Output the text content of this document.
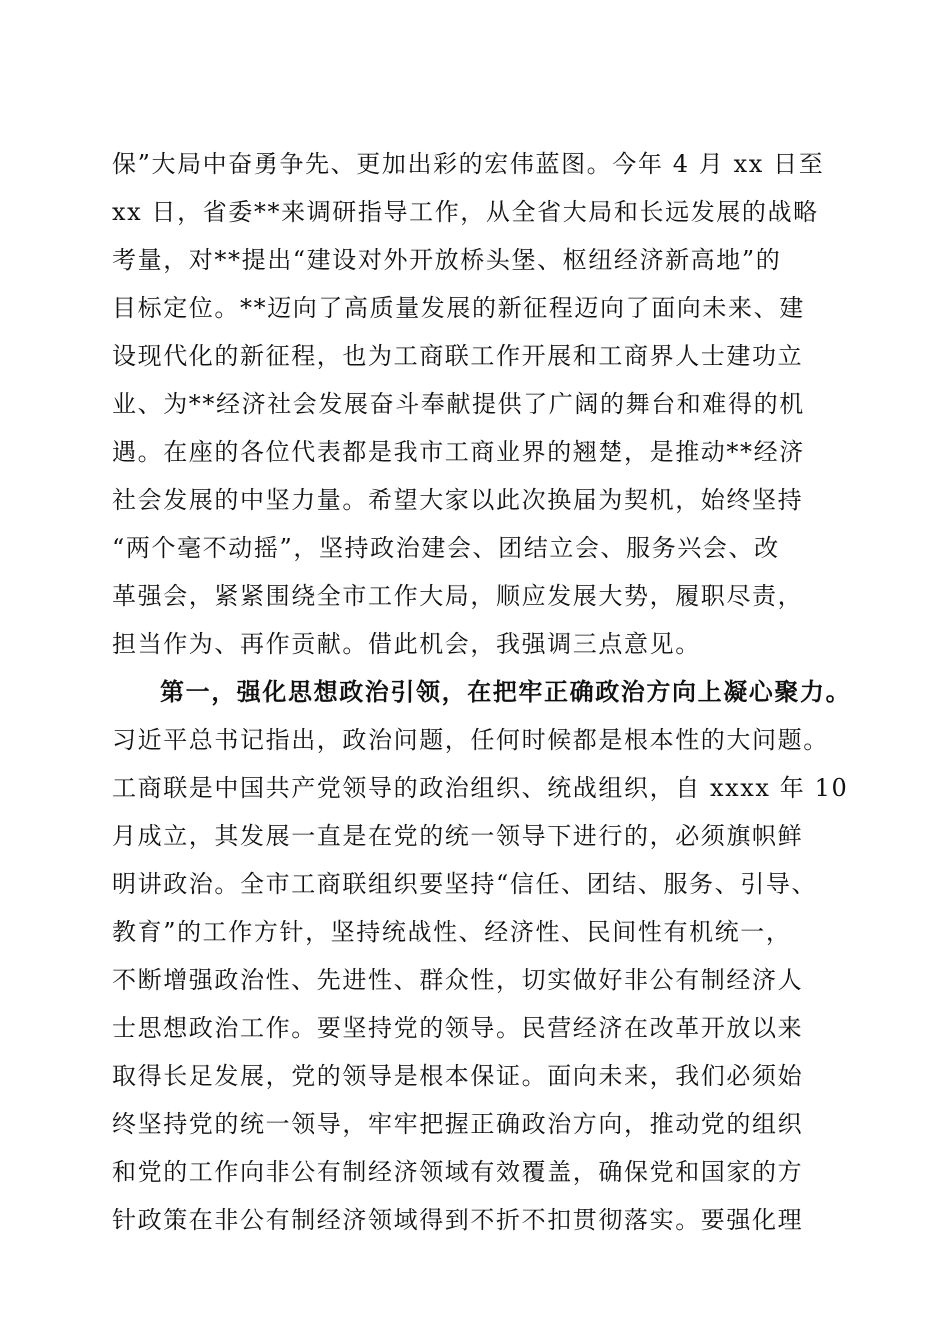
保”大局中奋勇争先、更加出彩的宏伟蓝图。今年 4 月 xx 日至
xx 日，省委**来调研指导工作，从全省大局和长远发展的战略
考量，对**提出“建设对外开放桥头堡、枢纽经济新高地”的
目标定位。**迈向了高质量发展的新征程迈向了面向未来、建
设现代化的新征程，也为工商联工作开展和工商界人士建功立
业、为**经济社会发展奋斗奉献提供了广阔的舞台和难得的机
遇。在座的各位代表都是我市工商业界的翘楚，是推动**经济
社会发展的中坚力量。希望大家以此次换届为契机，始终坚持
“两个毫不动摇”，坚持政治建会、团结立会、服务兴会、改
革强会，紧紧围绕全市工作大局，顺应发展大势，履职尽责，
担当作为、再作贡献。借此机会，我强调三点意见。
第一，强化思想政治引领，在把牢正确政治方向上凝心聚力。
习近平总书记指出，政治问题，任何时候都是根本性的大问题。
工商联是中国共产党领导的政治组织、统战组织，自 xxxx 年 10
月成立，其发展一直是在党的统一领导下进行的，必须旗帜鲜
明讲政治。全市工商联组织要坚持“信任、团结、服务、引导、
教育”的工作方针，坚持统战性、经济性、民间性有机统一，
不断增强政治性、先进性、群众性，切实做好非公有制经济人
士思想政治工作。要坚持党的领导。民营经济在改革开放以来
取得长足发展，党的领导是根本保证。面向未来，我们必须始
终坚持党的统一领导，牢牢把握正确政治方向，推动党的组织
和党的工作向非公有制经济领域有效覆盖，确保党和国家的方
针政策在非公有制经济领域得到不折不扣贯彻落实。要强化理
